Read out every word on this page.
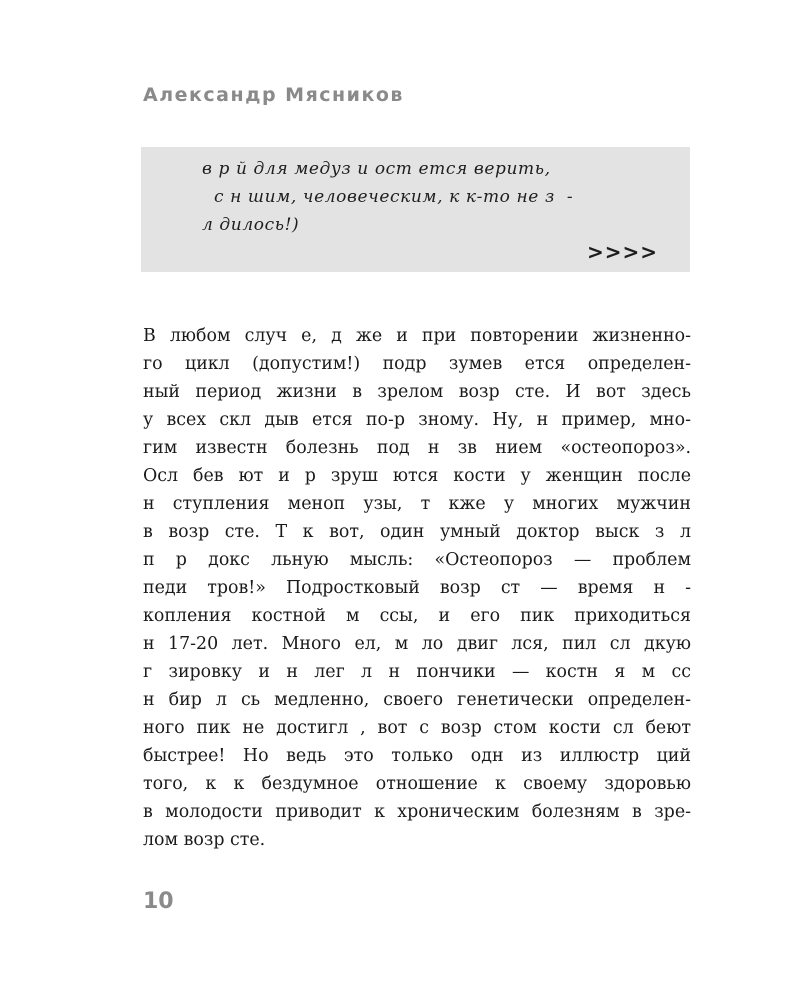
Александр Мясников
в р й для медуз и ост ется верить,
с н шим, человеческим, к к-то не з  -
л дилось!)
>>>>
В любом случ е, д же и при повторении жизненно-
го цикл (допустим!) подр зумев ется определен-
ный период жизни в зрелом возр сте. И вот здесь
у всех скл дыв ется по-р зному. Ну, н пример, мно-
гим известн болезнь под н зв нием «остеопороз».
Осл бев ют и р зруш ются кости у женщин после
н ступления меноп узы, т кже у многих мужчин
в возр сте. Т к вот, один умный доктор выск з л
п р докс льную мысль: «Остеопороз — проблем
педи тров!» Подростковый возр ст — время н -
копления костной м ссы, и его пик приходиться
н 17-20 лет. Много ел, м ло двиг лся, пил сл дкую
г зировку и н лег л н пончики — костн я м сс
н бир л сь медленно, своего генетически определен-
ного пик не достигл , вот с возр стом кости сл беют
быстрее! Но ведь это только одн из иллюстр ций
того, к к бездумное отношение к своему здоровью
в молодости приводит к хроническим болезням в зре-
лом возр сте.
10
